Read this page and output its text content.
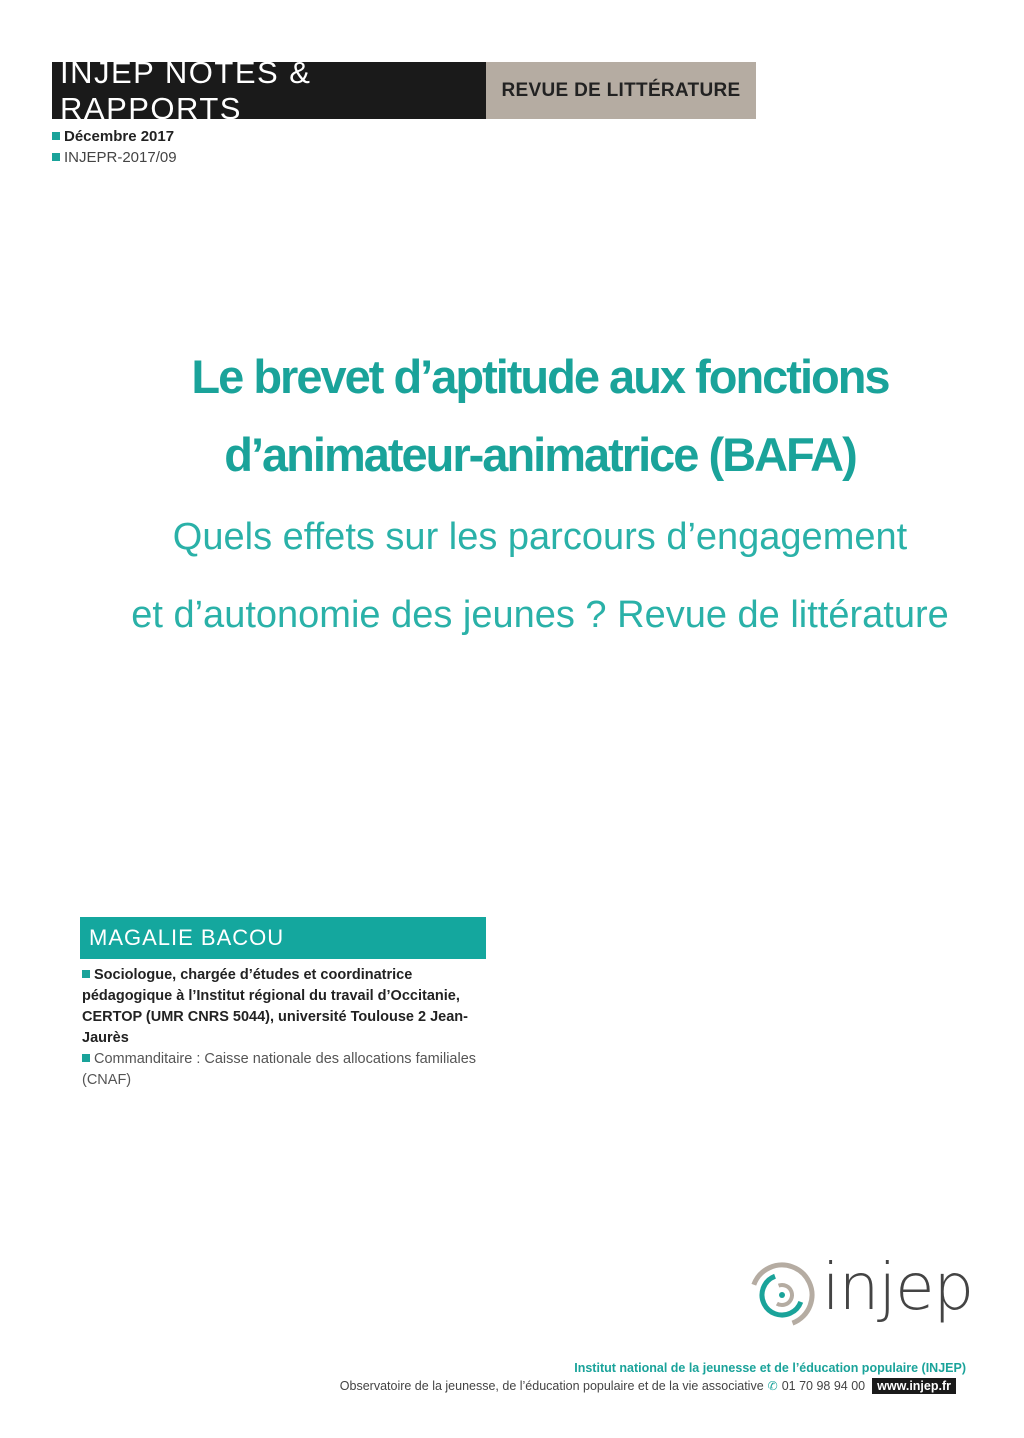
INJEP NOTES & RAPPORTS
REVUE DE LITTÉRATURE
Décembre 2017
INJEPR-2017/09
Le brevet d’aptitude aux fonctions
d’animateur-animatrice (BAFA)
Quels effets sur les parcours d’engagement
et d’autonomie des jeunes ? Revue de littérature
MAGALIE BACOU
Sociologue, chargée d’études et coordinatrice pédagogique à l’Institut régional du travail d’Occitanie, CERTOP (UMR CNRS 5044), université Toulouse 2 Jean-Jaurès
Commanditaire : Caisse nationale des allocations familiales (CNAF)
injep
Institut national de la jeunesse et de l’éducation populaire (INJEP)
Observatoire de la jeunesse, de l’éducation populaire et de la vie associative ✆ 01 70 98 94 00 www.injep.fr
